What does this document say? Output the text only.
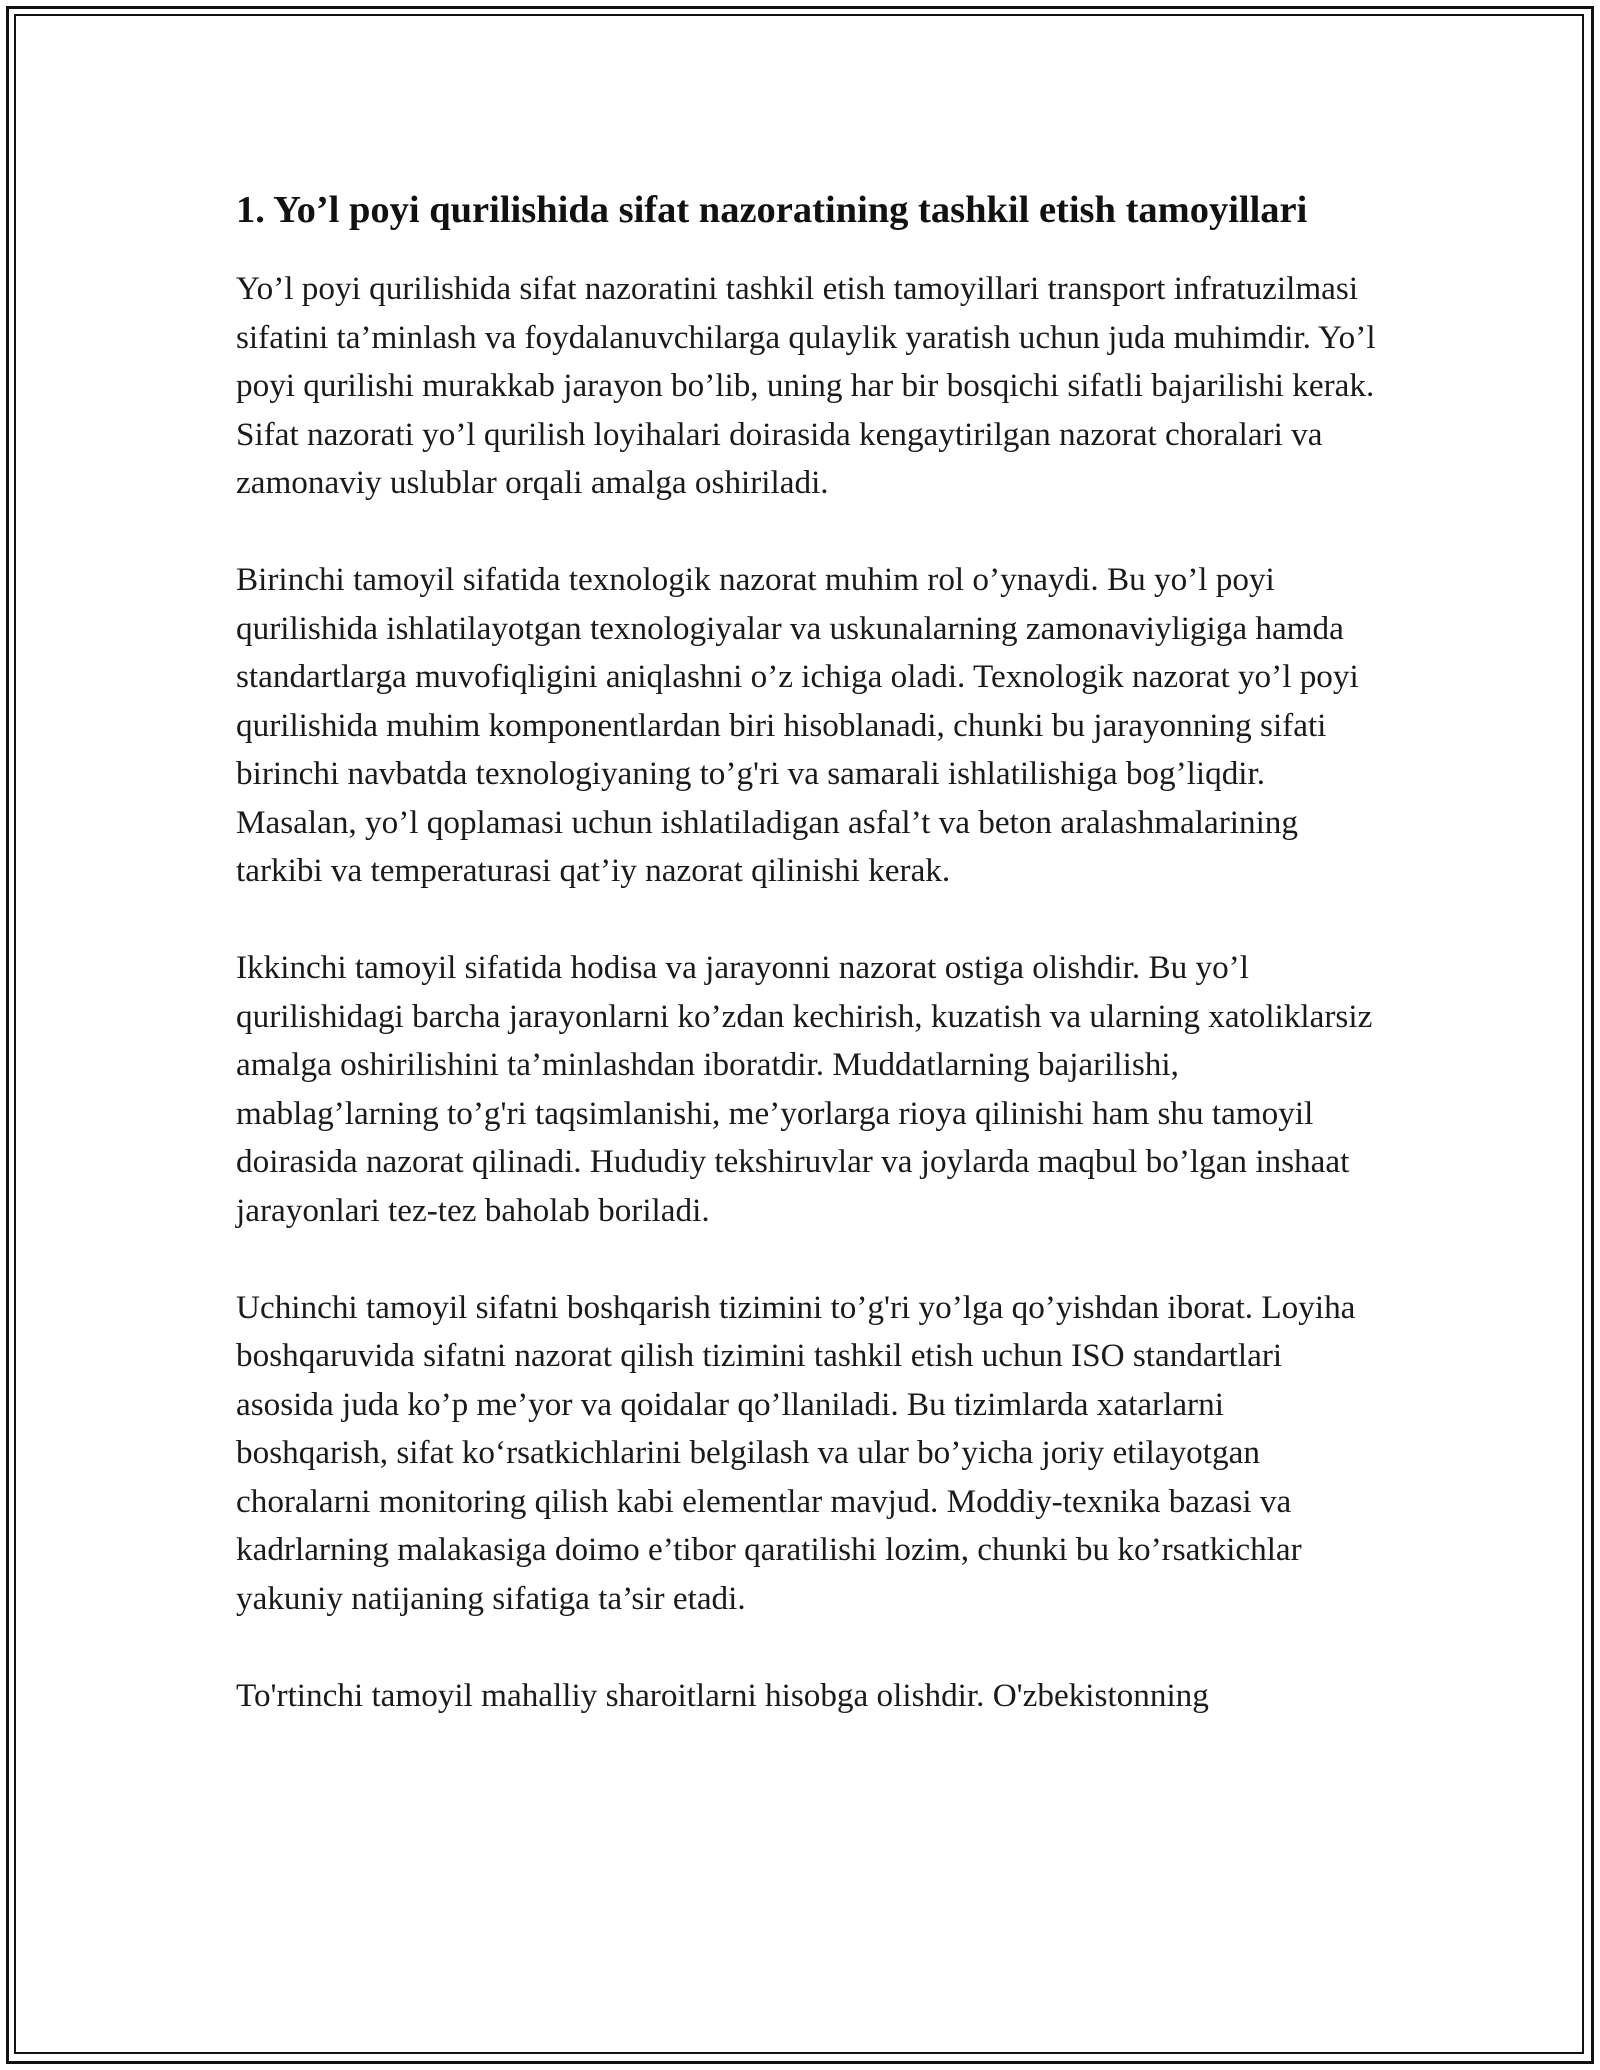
1. Yo’l poyi qurilishida sifat nazoratining tashkil etish tamoyillari

Yo’l poyi qurilishida sifat nazoratini tashkil etish tamoyillari transport infratuzilmasi sifatini ta’minlash va foydalanuvchilarga qulaylik yaratish uchun juda muhimdir. Yo’l poyi qurilishi murakkab jarayon bo’lib, uning har bir bosqichi sifatli bajarilishi kerak. Sifat nazorati yo’l qurilish loyihalari doirasida kengaytirilgan nazorat choralari va zamonaviy uslublar orqali amalga oshiriladi.

Birinchi tamoyil sifatida texnologik nazorat muhim rol o’ynaydi. Bu yo’l poyi qurilishida ishlatilayotgan texnologiyalar va uskunalarning zamonaviyligiga hamda standartlarga muvofiqligini aniqlashni o’z ichiga oladi. Texnologik nazorat yo’l poyi qurilishida muhim komponentlardan biri hisoblanadi, chunki bu jarayonning sifati birinchi navbatda texnologiyaning to’g'ri va samarali ishlatilishiga bog’liqdir. Masalan, yo’l qoplamasi uchun ishlatiladigan asfal’t va beton aralashmalarining tarkibi va temperaturasi qat’iy nazorat qilinishi kerak.

Ikkinchi tamoyil sifatida hodisa va jarayonni nazorat ostiga olishdir. Bu yo’l qurilishidagi barcha jarayonlarni ko’zdan kechirish, kuzatish va ularning xatoliklarsiz amalga oshirilishini ta’minlashdan iboratdir. Muddatlarning bajarilishi, mablag’larning to’g'ri taqsimlanishi, me’yorlarga rioya qilinishi ham shu tamoyil doirasida nazorat qilinadi. Hududiy tekshiruvlar va joylarda maqbul bo’lgan inshaat jarayonlari tez-tez baholab boriladi.

Uchinchi tamoyil sifatni boshqarish tizimini to’g'ri yo’lga qo’yishdan iborat. Loyiha boshqaruvida sifatni nazorat qilish tizimini tashkil etish uchun ISO standartlari asosida juda ko’p me’yor va qoidalar qo’llaniladi. Bu tizimlarda xatarlarni boshqarish, sifat ko‘rsatkichlarini belgilash va ular bo’yicha joriy etilayotgan choralarni monitoring qilish kabi elementlar mavjud. Moddiy-texnika bazasi va kadrlarning malakasiga doimo e’tibor qaratilishi lozim, chunki bu ko’rsatkichlar yakuniy natijaning sifatiga ta’sir etadi.

To'rtinchi tamoyil mahalliy sharoitlarni hisobga olishdir. O'zbekistonning
